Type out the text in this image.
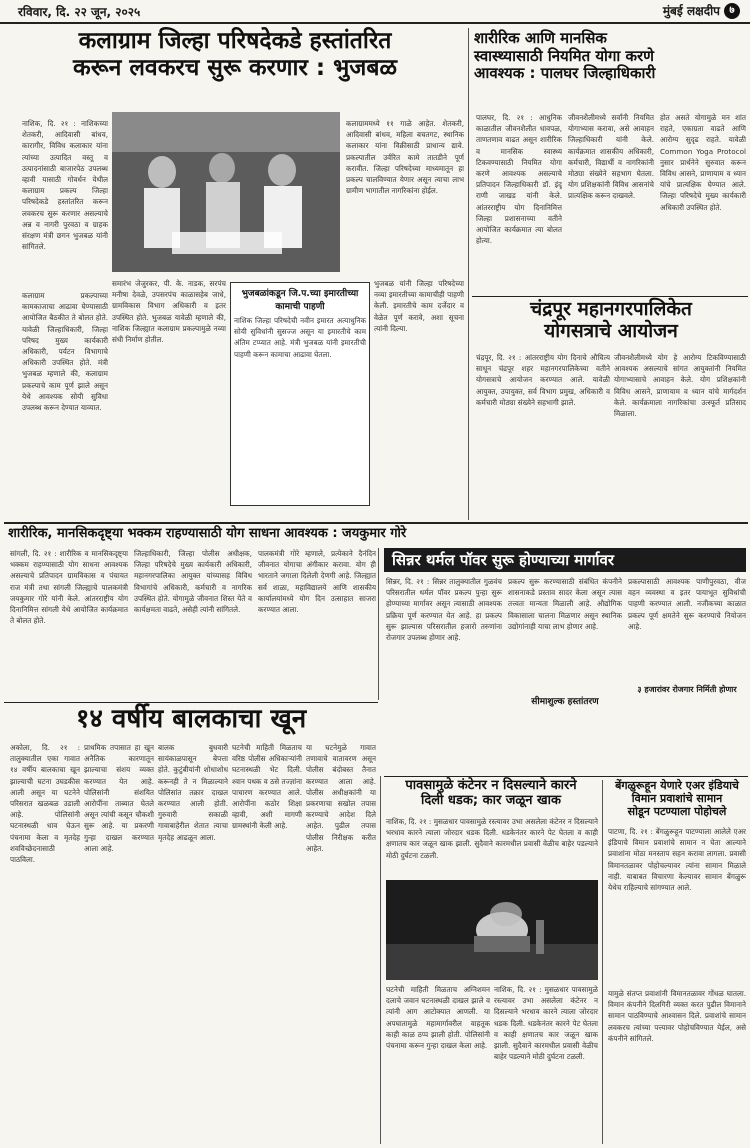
रविवार, दि. २२ जून, २०२५	मुंबई लक्षदीप ७
कलाग्राम जिल्हा परिषदेकडे हस्तांतरित
करून लवकरच सुरू करणार : भुजबळ
नाशिक, दि. २१ : नाशिकच्या शेतकरी, आदिवासी बांधव, कारागीर, विविध कलाकार यांना त्यांच्या उत्पादित वस्तू व उत्पादनांसाठी बाजारपेठ उपलब्ध व्हावी यासाठी गोवर्धन येथील कलाग्राम प्रकल्प जिल्हा परिषदेकडे हस्तांतरित करून लवकरच सुरू करणार असल्याचे अन्न व नागरी पुरवठा व ग्राहक संरक्षण मंत्री छगन भुजबळ यांनी सांगितले.
कलाग्राम प्रकल्पाच्या कामकाजाचा आढावा घेण्यासाठी आयोजित बैठकीत ते बोलत होते. यावेळी जिल्हाधिकारी, जिल्हा परिषद मुख्य कार्यकारी अधिकारी, पर्यटन विभागाचे अधिकारी उपस्थित होते. मंत्री भुजबळ म्हणाले की, कलाग्राम प्रकल्पाचे काम पूर्ण झाले असून येथे आवश्यक सोयी सुविधा उपलब्ध करून देण्यात याव्यात.
कलाग्राममध्ये ११ गाळे आहेत. शेतकरी, आदिवासी बांधव, महिला बचतगट, स्थानिक कलाकार यांना विक्रीसाठी प्राधान्य द्यावे. प्रकल्पातील उर्वरित कामे तातडीने पूर्ण करावीत. जिल्हा परिषदेच्या माध्यमातून हा प्रकल्प चालविण्यात येणार असून त्याचा लाभ ग्रामीण भागातील नागरिकांना होईल.
समारंभ जेजुरकर, पी. के. नाडक, सरपंच मनीषा देवळे, उपसरपंच काळासहेब जाधे, ग्रामविकास विभाग अधिकारी व इतर उपस्थित होते. भुजबळ यावेळी म्हणाले की, नाशिक जिल्ह्यात कलाग्राम प्रकल्पामुळे नव्या संधी निर्माण होतील.
भुजबळांकडून जि.प.च्या इमारतीच्या कामाची पाहणी
नाशिक जिल्हा परिषदेची नवीन इमारत अत्याधुनिक सोयी सुविधांनी सुसज्ज असून या इमारतीचे काम अंतिम टप्प्यात आहे. मंत्री भुजबळ यांनी इमारतीची पाहणी करून कामाचा आढावा घेतला.
भुजबळ यांनी जिल्हा परिषदेच्या नव्या इमारतीच्या कामाचीही पाहणी केली. इमारतीचे काम दर्जेदार व वेळेत पूर्ण करावे, अशा सूचना त्यांनी दिल्या.
शारीरिक आणि मानसिक
स्वास्थ्यासाठी नियमित योगा करणे
आवश्यक : पालघर जिल्हाधिकारी
पालघर, दि. २१ : आधुनिक काळातील जीवनशैलीत धावपळ, ताणतणाव वाढत असून शारीरिक व मानसिक स्वास्थ्य टिकवण्यासाठी नियमित योगा करणे आवश्यक असल्याचे प्रतिपादन जिल्हाधिकारी डॉ. इंदू राणी जाखड यांनी केले. आंतरराष्ट्रीय योग दिनानिमित्त जिल्हा प्रशासनाच्या वतीने आयोजित कार्यक्रमात त्या बोलत होत्या.
जीवनशैलीमध्ये सर्वांनी नियमित योगाभ्यास करावा, असे आवाहन जिल्हाधिकारी यांनी केले. कार्यक्रमात शासकीय अधिकारी, कर्मचारी, विद्यार्थी व नागरिकांनी मोठ्या संख्येने सहभाग घेतला. योग प्रशिक्षकांनी विविध आसनांचे प्रात्यक्षिक करून दाखवले.
होत असते योगामुळे मन शांत राहते, एकाग्रता वाढते आणि आरोग्य सुदृढ राहते. यावेळी Common Yoga Protocol नुसार प्रार्थनेने सुरुवात करून विविध आसने, प्राणायाम व ध्यान यांचे प्रात्यक्षिक घेण्यात आले. जिल्हा परिषदेचे मुख्य कार्यकारी अधिकारी उपस्थित होते.
चंद्रपूर महानगरपालिकेत
योगसत्राचे आयोजन
चंद्रपूर, दि. २१ : आंतरराष्ट्रीय योग दिनाचे औचित्य साधून चंद्रपूर शहर महानगरपालिकेच्या वतीने योगसत्राचे आयोजन करण्यात आले. यावेळी आयुक्त, उपायुक्त, सर्व विभाग प्रमुख, अधिकारी व कर्मचारी मोठ्या संख्येने सहभागी झाले.
जीवनशैलीमध्ये योग हे आरोग्य टिकविण्यासाठी आवश्यक असल्याचे सांगत आयुक्तांनी नियमित योगाभ्यासाचे आवाहन केले. योग प्रशिक्षकांनी विविध आसने, प्राणायाम व ध्यान यांचे मार्गदर्शन केले. कार्यक्रमाला नागरिकांचा उत्स्फूर्त प्रतिसाद मिळाला.
शारीरिक, मानसिकदृष्ट्या भक्कम राहण्यासाठी योग साधना आवश्यक : जयकुमार गोरे
सांगली, दि. २१ : शारीरिक व मानसिकदृष्ट्या भक्कम राहण्यासाठी योग साधना आवश्यक असल्याचे प्रतिपादन ग्रामविकास व पंचायत राज मंत्री तथा सांगली जिल्ह्याचे पालकमंत्री जयकुमार गोरे यांनी केले. आंतरराष्ट्रीय योग दिनानिमित्त सांगली येथे आयोजित कार्यक्रमात ते बोलत होते.
जिल्हाधिकारी, जिल्हा पोलीस अधीक्षक, जिल्हा परिषदेचे मुख्य कार्यकारी अधिकारी, महानगरपालिका आयुक्त यांच्यासह विविध विभागांचे अधिकारी, कर्मचारी व नागरिक उपस्थित होते. योगामुळे जीवनात शिस्त येते व कार्यक्षमता वाढते, असेही त्यांनी सांगितले.
पालकमंत्री गोरे म्हणाले, प्रत्येकाने दैनंदिन जीवनात योगाचा अंगीकार करावा. योग ही भारताने जगाला दिलेली देणगी आहे. जिल्ह्यात सर्व शाळा, महाविद्यालये आणि शासकीय कार्यालयांमध्ये योग दिन उत्साहात साजरा करण्यात आला.
सिन्नर थर्मल पॉवर सुरू होण्याच्या मार्गावर
सिन्नर, दि. २१ : सिन्नर तालुक्यातील गुळवंच परिसरातील थर्मल पॉवर प्रकल्प पुन्हा सुरू होण्याच्या मार्गावर असून त्यासाठी आवश्यक प्रक्रिया पूर्ण करण्यात येत आहे. हा प्रकल्प सुरू झाल्यास परिसरातील हजारो तरुणांना रोजगार उपलब्ध होणार आहे.
प्रकल्प सुरू करण्यासाठी संबंधित कंपनीने शासनाकडे प्रस्ताव सादर केला असून त्यास तत्त्वतः मान्यता मिळाली आहे. औद्योगिक विकासाला चालना मिळणार असून स्थानिक उद्योगांनाही याचा लाभ होणार आहे.
सीमाशुल्क हस्तांतरण
प्रकल्पासाठी आवश्यक पाणीपुरवठा, वीज वहन व्यवस्था व इतर पायाभूत सुविधांची पाहणी करण्यात आली. नजीकच्या काळात प्रकल्प पूर्ण क्षमतेने सुरू करण्याचे नियोजन आहे.
३ हजारांवर रोजगार निर्मिती होणार
१४ वर्षीय बालकाचा खून
अकोला, दि. २१ : तालुक्यातील एका गावात १४ वर्षीय बालकाचा खून झाल्याची घटना उघडकीस आली असून या घटनेने परिसरात खळबळ उडाली आहे. पोलिसांनी घटनास्थळी धाव घेऊन पंचनामा केला व मृतदेह शवविच्छेदनासाठी पाठविला.
प्राथमिक तपासात हा खून अनैतिक कारणातून झाल्याचा संशय व्यक्त करण्यात येत आहे. पोलिसांनी संशयित आरोपींना ताब्यात घेतले असून त्यांची कसून चौकशी सुरू आहे. या प्रकरणी गुन्हा दाखल करण्यात आला आहे.
बालक बुधवारी सायंकाळपासून बेपत्ता होते. कुटुंबीयांनी शोधाशोध करूनही ते न मिळाल्याने पोलिसांत तक्रार दाखल करण्यात आली होती. गुरुवारी सकाळी गावाबाहेरील शेतात त्याचा मृतदेह आढळून आला.
घटनेची माहिती मिळताच वरिष्ठ पोलीस अधिकाऱ्यांनी घटनास्थळी भेट दिली. श्वान पथक व ठसे तज्ज्ञांना पाचारण करण्यात आले. आरोपींना कठोर शिक्षा व्हावी, अशी मागणी ग्रामस्थांनी केली आहे.
या घटनेमुळे गावात तणावाचे वातावरण असून पोलीस बंदोबस्त तैनात करण्यात आला आहे. पोलीस अधीक्षकांनी या प्रकरणाचा सखोल तपास करण्याचे आदेश दिले आहेत. पुढील तपास पोलीस निरीक्षक करीत आहेत.
पावसामुळे कंटेनर न दिसल्याने कारने
दिली धडक; कार जळून खाक
नाशिक, दि. २१ : मुसळधार पावसामुळे रस्त्यावर उभा असलेला कंटेनर न दिसल्याने भरधाव कारने त्याला जोरदार धडक दिली. धडकेनंतर कारने पेट घेतला व काही क्षणातच कार जळून खाक झाली. सुदैवाने कारमधील प्रवासी वेळीच बाहेर पडल्याने मोठी दुर्घटना टळली.
घटनेची माहिती मिळताच अग्निशमन दलाचे जवान घटनास्थळी दाखल झाले व त्यांनी आग आटोक्यात आणली. या अपघातामुळे महामार्गावरील वाहतूक काही काळ ठप्प झाली होती. पोलिसांनी पंचनामा करून गुन्हा दाखल केला आहे.
नाशिक, दि. २१ : मुसळधार पावसामुळे रस्त्यावर उभा असलेला कंटेनर न दिसल्याने भरधाव कारने त्याला जोरदार धडक दिली. धडकेनंतर कारने पेट घेतला व काही क्षणातच कार जळून खाक झाली. सुदैवाने कारमधील प्रवासी वेळीच बाहेर पडल्याने मोठी दुर्घटना टळली.
बेंगळुरूहून येणारे एअर इंडियाचे
विमान प्रवाशांचे सामान
सोडून पटण्याला पोहोचले
पाटणा, दि. २१ : बेंगळुरूहून पाटण्याला आलेले एअर इंडियाचे विमान प्रवाशांचे सामान न घेता आल्याने प्रवाशांना मोठा मनस्ताप सहन करावा लागला. प्रवासी विमानतळावर पोहोचल्यावर त्यांना सामान मिळाले नाही. याबाबत विचारणा केल्यावर सामान बेंगळुरू येथेच राहिल्याचे सांगण्यात आले.
यामुळे संतप्त प्रवाशांनी विमानतळावर गोंधळ घातला. विमान कंपनीने दिलगिरी व्यक्त करत पुढील विमानाने सामान पाठविण्याचे आश्वासन दिले. प्रवाशांचे सामान लवकरच त्यांच्या पत्त्यावर पोहोचविण्यात येईल, असे कंपनीने सांगितले.
